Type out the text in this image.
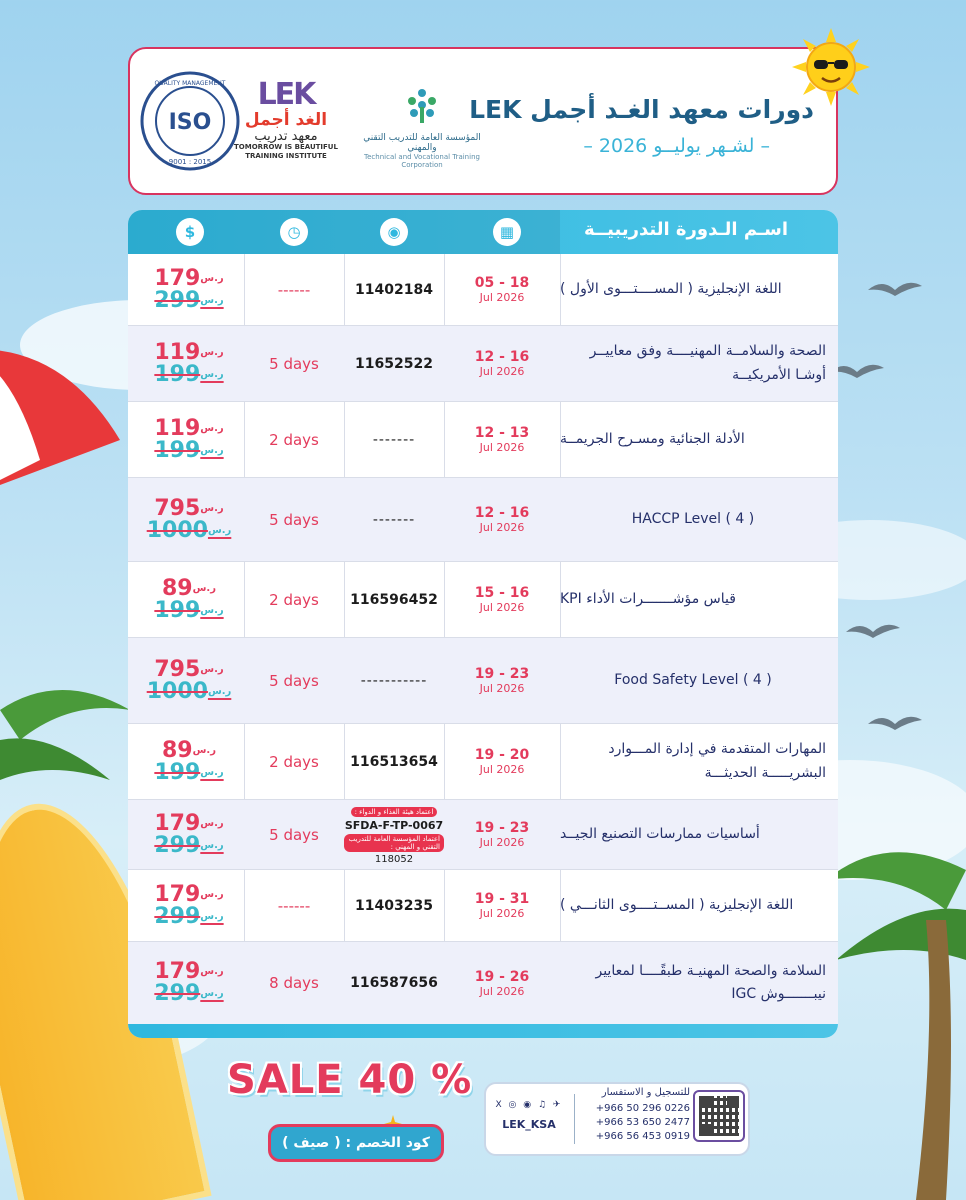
دورات معهد الغـد أجمل LEK
– لشـهر يوليــو 2026 –
المؤسسة العامة للتدريب التقني والمهني
Technical and Vocational Training Corporation
LEK
الغد أجمل
معهد تدريب
TOMORROW IS BEAUTIFUL
TRAINING INSTITUTE
ISO
QUALITY MANAGEMENT
9001 : 2015
اسـم الـدورة التدريبيــة
▦
◉
◷
$
اللغة الإنجليزية ( المســــتـــوى الأول )
05 - 18
Jul 2026
11402184
------
ر.س179
ر.س299
الصحة والسلامــة المهنيــــة وفق معاييــر أوشـا الأمريكيــة
12 - 16
Jul 2026
11652522
5 days
ر.س119
ر.س199
الأدلة الجنائية ومسـرح الجريمــة
12 - 13
Jul 2026
-------
2 days
ر.س119
ر.س199
HACCP Level ( 4 )
12 - 16
Jul 2026
-------
5 days
ر.س795
ر.س1000
قياس مؤشـــــــرات الأداء KPI
15 - 16
Jul 2026
116596452
2 days
ر.س89
ر.س199
Food Safety Level ( 4 )
19 - 23
Jul 2026
-----------
5 days
ر.س795
ر.س1000
المهارات المتقدمة في إدارة المـــوارد البشريـــــة الحديثـــة
19 - 20
Jul 2026
116513654
2 days
ر.س89
ر.س199
أساسيات ممارسات التصنيع الجيــد
19 - 23
Jul 2026
اعتماد هيئة الغذاء و الدواء :
SFDA-F-TP-0067
اعتماد المؤسسة العامة للتدريب التقني و المهني :
118052
5 days
ر.س179
ر.س299
اللغة الإنجليزية ( المســتــــوى الثانـــي )
19 - 31
Jul 2026
11403235
------
ر.س179
ر.س299
السلامة والصحة المهنيـة طبقًــــا لمعايير نيبـــــــوش IGC
19 - 26
Jul 2026
116587656
8 days
ر.س179
ر.س299
SALE 40 %
كود الخصم : ( صيف )
للتسجيل و الاستفسار
+966 50 296 0226
+966 53 650 2477
+966 56 453 0919
X ◎ ◉ ♫ ✈
LEK_KSA
